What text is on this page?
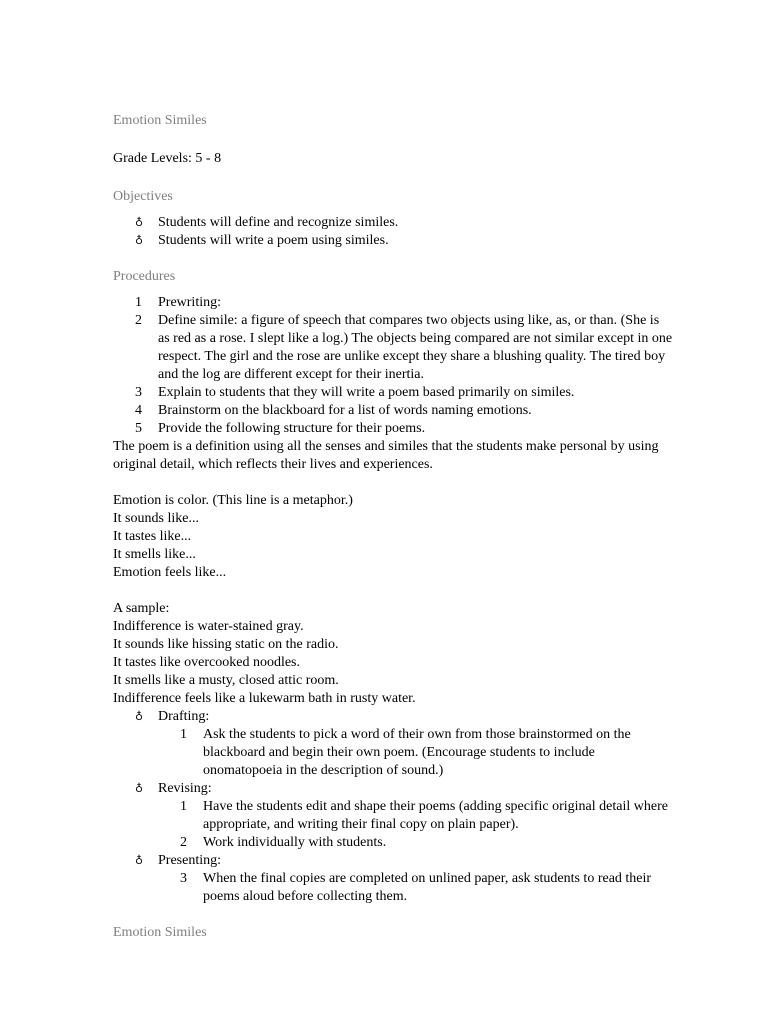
Emotion Similes
Grade Levels: 5 - 8
Objectives
♁ Students will define and recognize similes.
♁ Students will write a poem using similes.
Procedures
1	Prewriting:
2	Define simile: a figure of speech that compares two objects using like, as, or than. (She is as red as a rose. I slept like a log.) The objects being compared are not similar except in one respect. The girl and the rose are unlike except they share a blushing quality. The tired boy and the log are different except for their inertia.
3	Explain to students that they will write a poem based primarily on similes.
4	Brainstorm on the blackboard for a list of words naming emotions.
5	Provide the following structure for their poems.

The poem is a definition using all the senses and similes that the students make personal by using original detail, which reflects their lives and experiences.

Emotion is color. (This line is a metaphor.)
It sounds like...
It tastes like...
It smells like...
Emotion feels like...
A sample:
Indifference is water-stained gray.
It sounds like hissing static on the radio.
It tastes like overcooked noodles.
It smells like a musty, closed attic room.
Indifference feels like a lukewarm bath in rusty water.
♁ Drafting:
1 Ask the students to pick a word of their own from those brainstormed on the blackboard and begin their own poem. (Encourage students to include onomatopoeia in the description of sound.)
♁ Revising:
1 Have the students edit and shape their poems (adding specific original detail where appropriate, and writing their final copy on plain paper).
2 Work individually with students.
♁ Presenting:
3 When the final copies are completed on unlined paper, ask students to read their poems aloud before collecting them.
Emotion Similes
